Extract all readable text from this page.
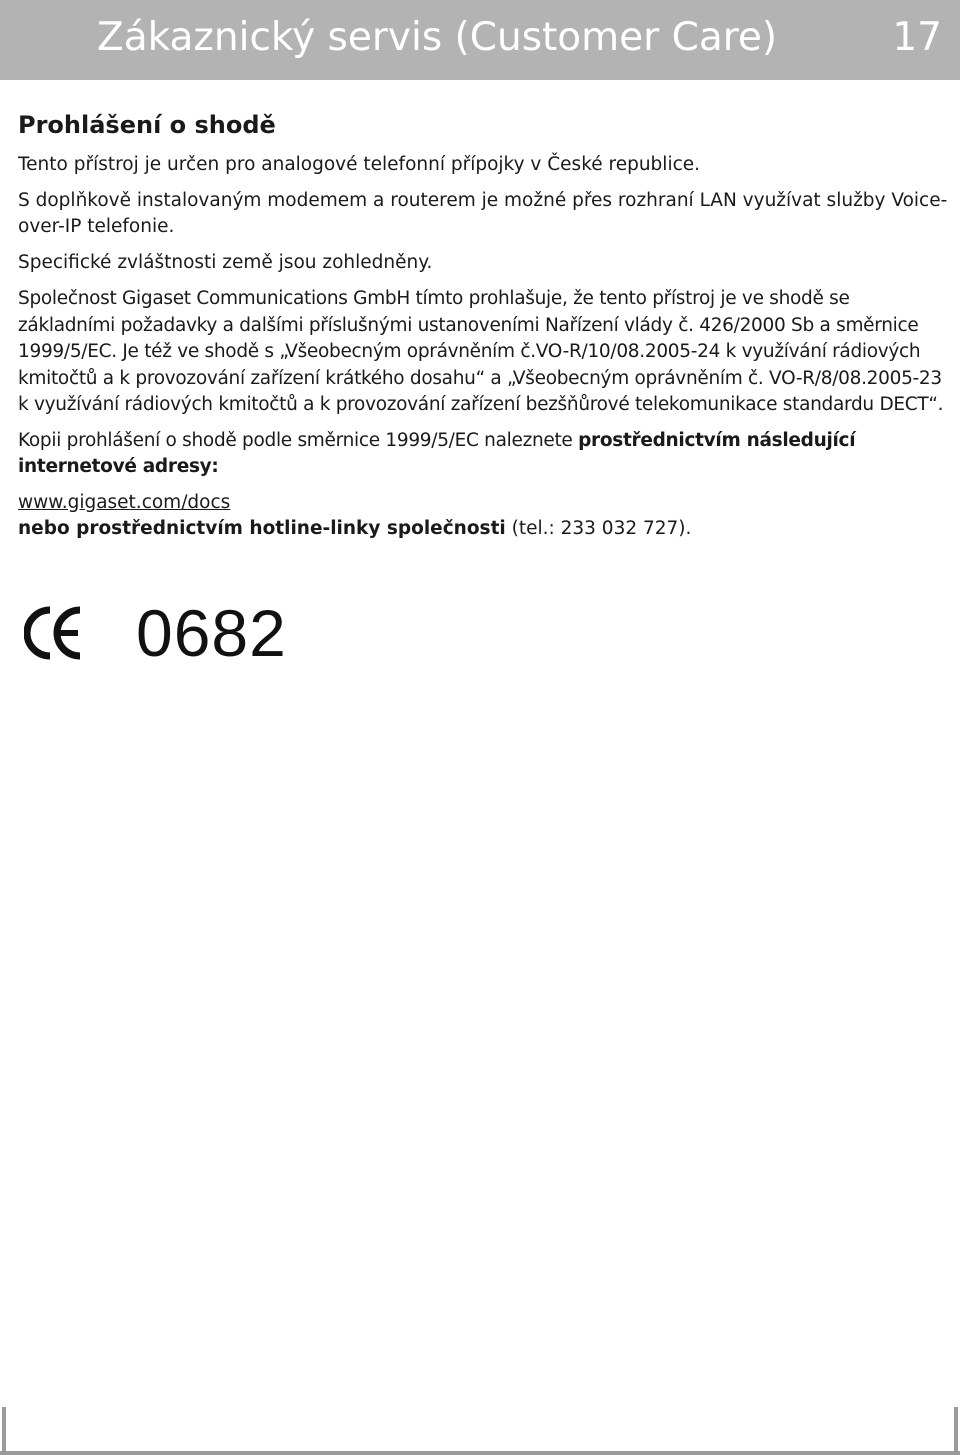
Zákaznický servis (Customer Care)	17
Prohlášení o shodě

Tento přístroj je určen pro analogové telefonní přípojky v České republice.

S doplňkově instalovaným modemem a routerem je možné přes rozhraní LAN využívat služby Voice-over-IP telefonie.

Specifické zvláštnosti země jsou zohledněny.

Společnost Gigaset Communications GmbH tímto prohlašuje, že tento přístroj je ve shodě se základními požadavky a dalšími příslušnými ustanoveními Nařízení vlády č. 426/2000 Sb a směrnice 1999/5/EC. Je též ve shodě s „Všeobecným oprávněním č.VO-R/10/08.2005-24 k využívání rádiových kmitočtů a k provozování zařízení krátkého dosahu“ a „Všeobecným oprávněním č. VO-R/8/08.2005-23 k využívání rádiových kmitočtů a k provozování zařízení bezšňůrové telekomunikace standardu DECT“.

Kopii prohlášení o shodě podle směrnice 1999/5/EC naleznete prostřednictvím následující internetové adresy:

www.gigaset.com/docs

nebo prostřednictvím hotline-linky společnosti (tel.: 233 032 727).

0682
